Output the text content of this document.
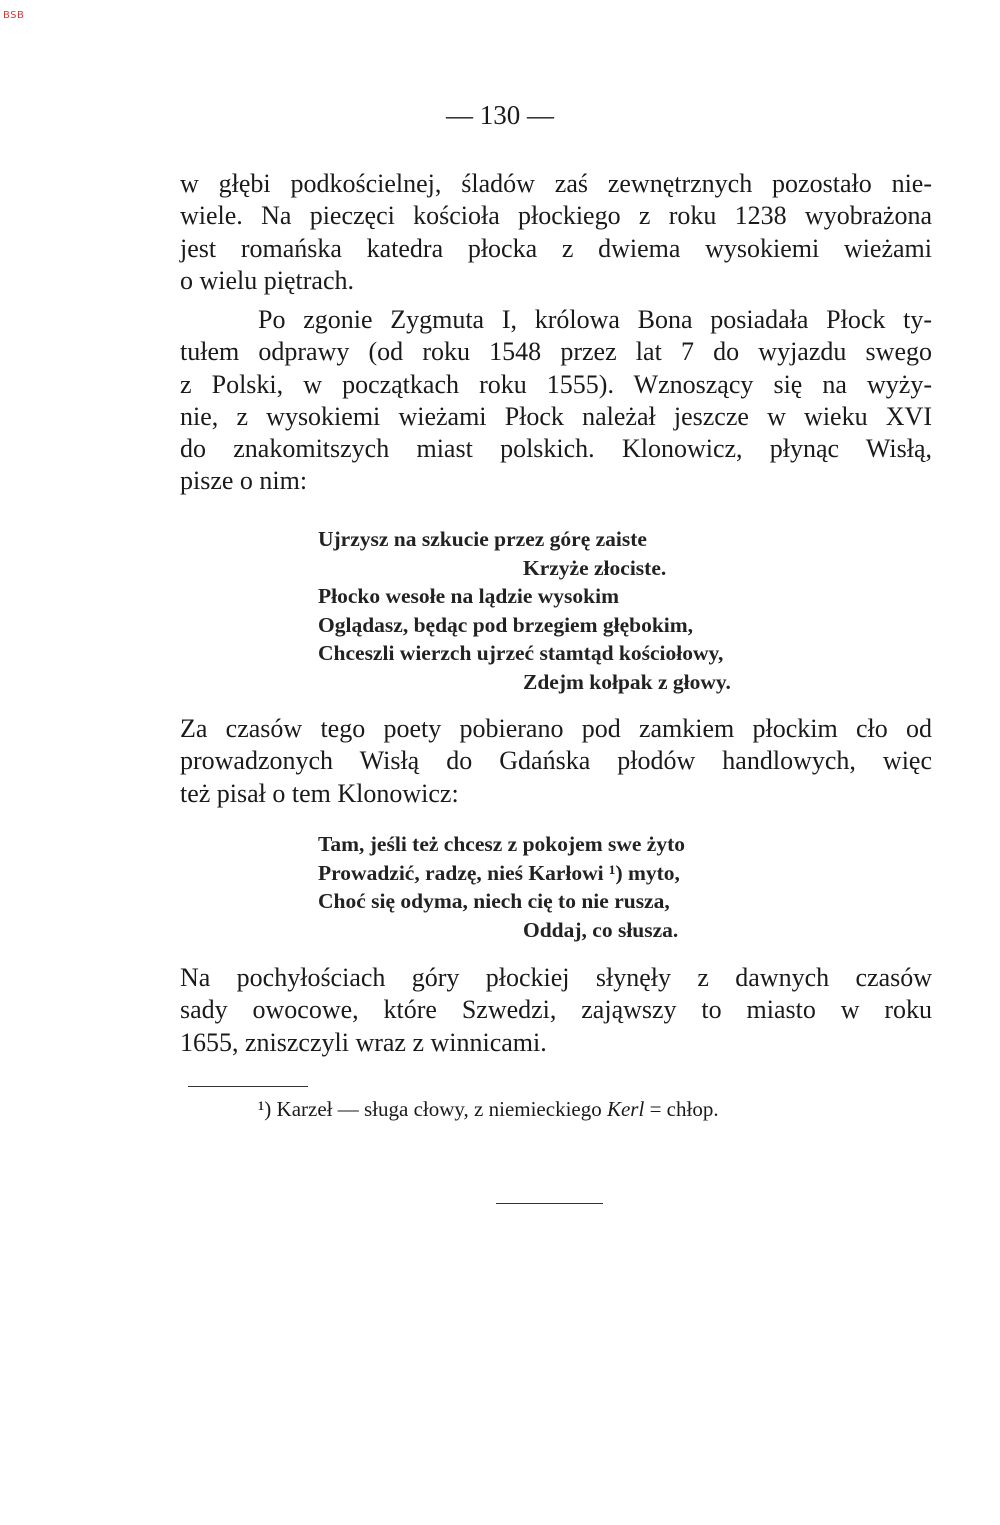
BSB
— 130 —
w głębi podkościelnej, śladów zaś zewnętrznych pozostało nie-
wiele. Na pieczęci kościoła płockiego z roku 1238 wyobrażona
jest romańska katedra płocka z dwiema wysokiemi wieżami
o wielu piętrach.
Po zgonie Zygmuta I, królowa Bona posiadała Płock ty-
tułem odprawy (od roku 1548 przez lat 7 do wyjazdu swego
z Polski, w początkach roku 1555). Wznoszący się na wyży-
nie, z wysokiemi wieżami Płock należał jeszcze w wieku XVI
do znakomitszych miast polskich. Klonowicz, płynąc Wisłą,
pisze o nim:
Ujrzysz na szkucie przez górę zaiste
Krzyże złociste.
Płocko wesołe na lądzie wysokim
Oglądasz, będąc pod brzegiem głębokim,
Chceszli wierzch ujrzeć stamtąd kościołowy,
Zdejm kołpak z głowy.
Za czasów tego poety pobierano pod zamkiem płockim cło od
prowadzonych Wisłą do Gdańska płodów handlowych, więc
też pisał o tem Klonowicz:
Tam, jeśli też chcesz z pokojem swe żyto
Prowadzić, radzę, nieś Karłowi ¹) myto,
Choć się odyma, niech cię to nie rusza,
Oddaj, co słusza.
Na pochyłościach góry płockiej słynęły z dawnych czasów
sady owocowe, które Szwedzi, zająwszy to miasto w roku
1655, zniszczyli wraz z winnicami.
¹) Karzeł — sługa cłowy, z niemieckiego Kerl = chłop.
